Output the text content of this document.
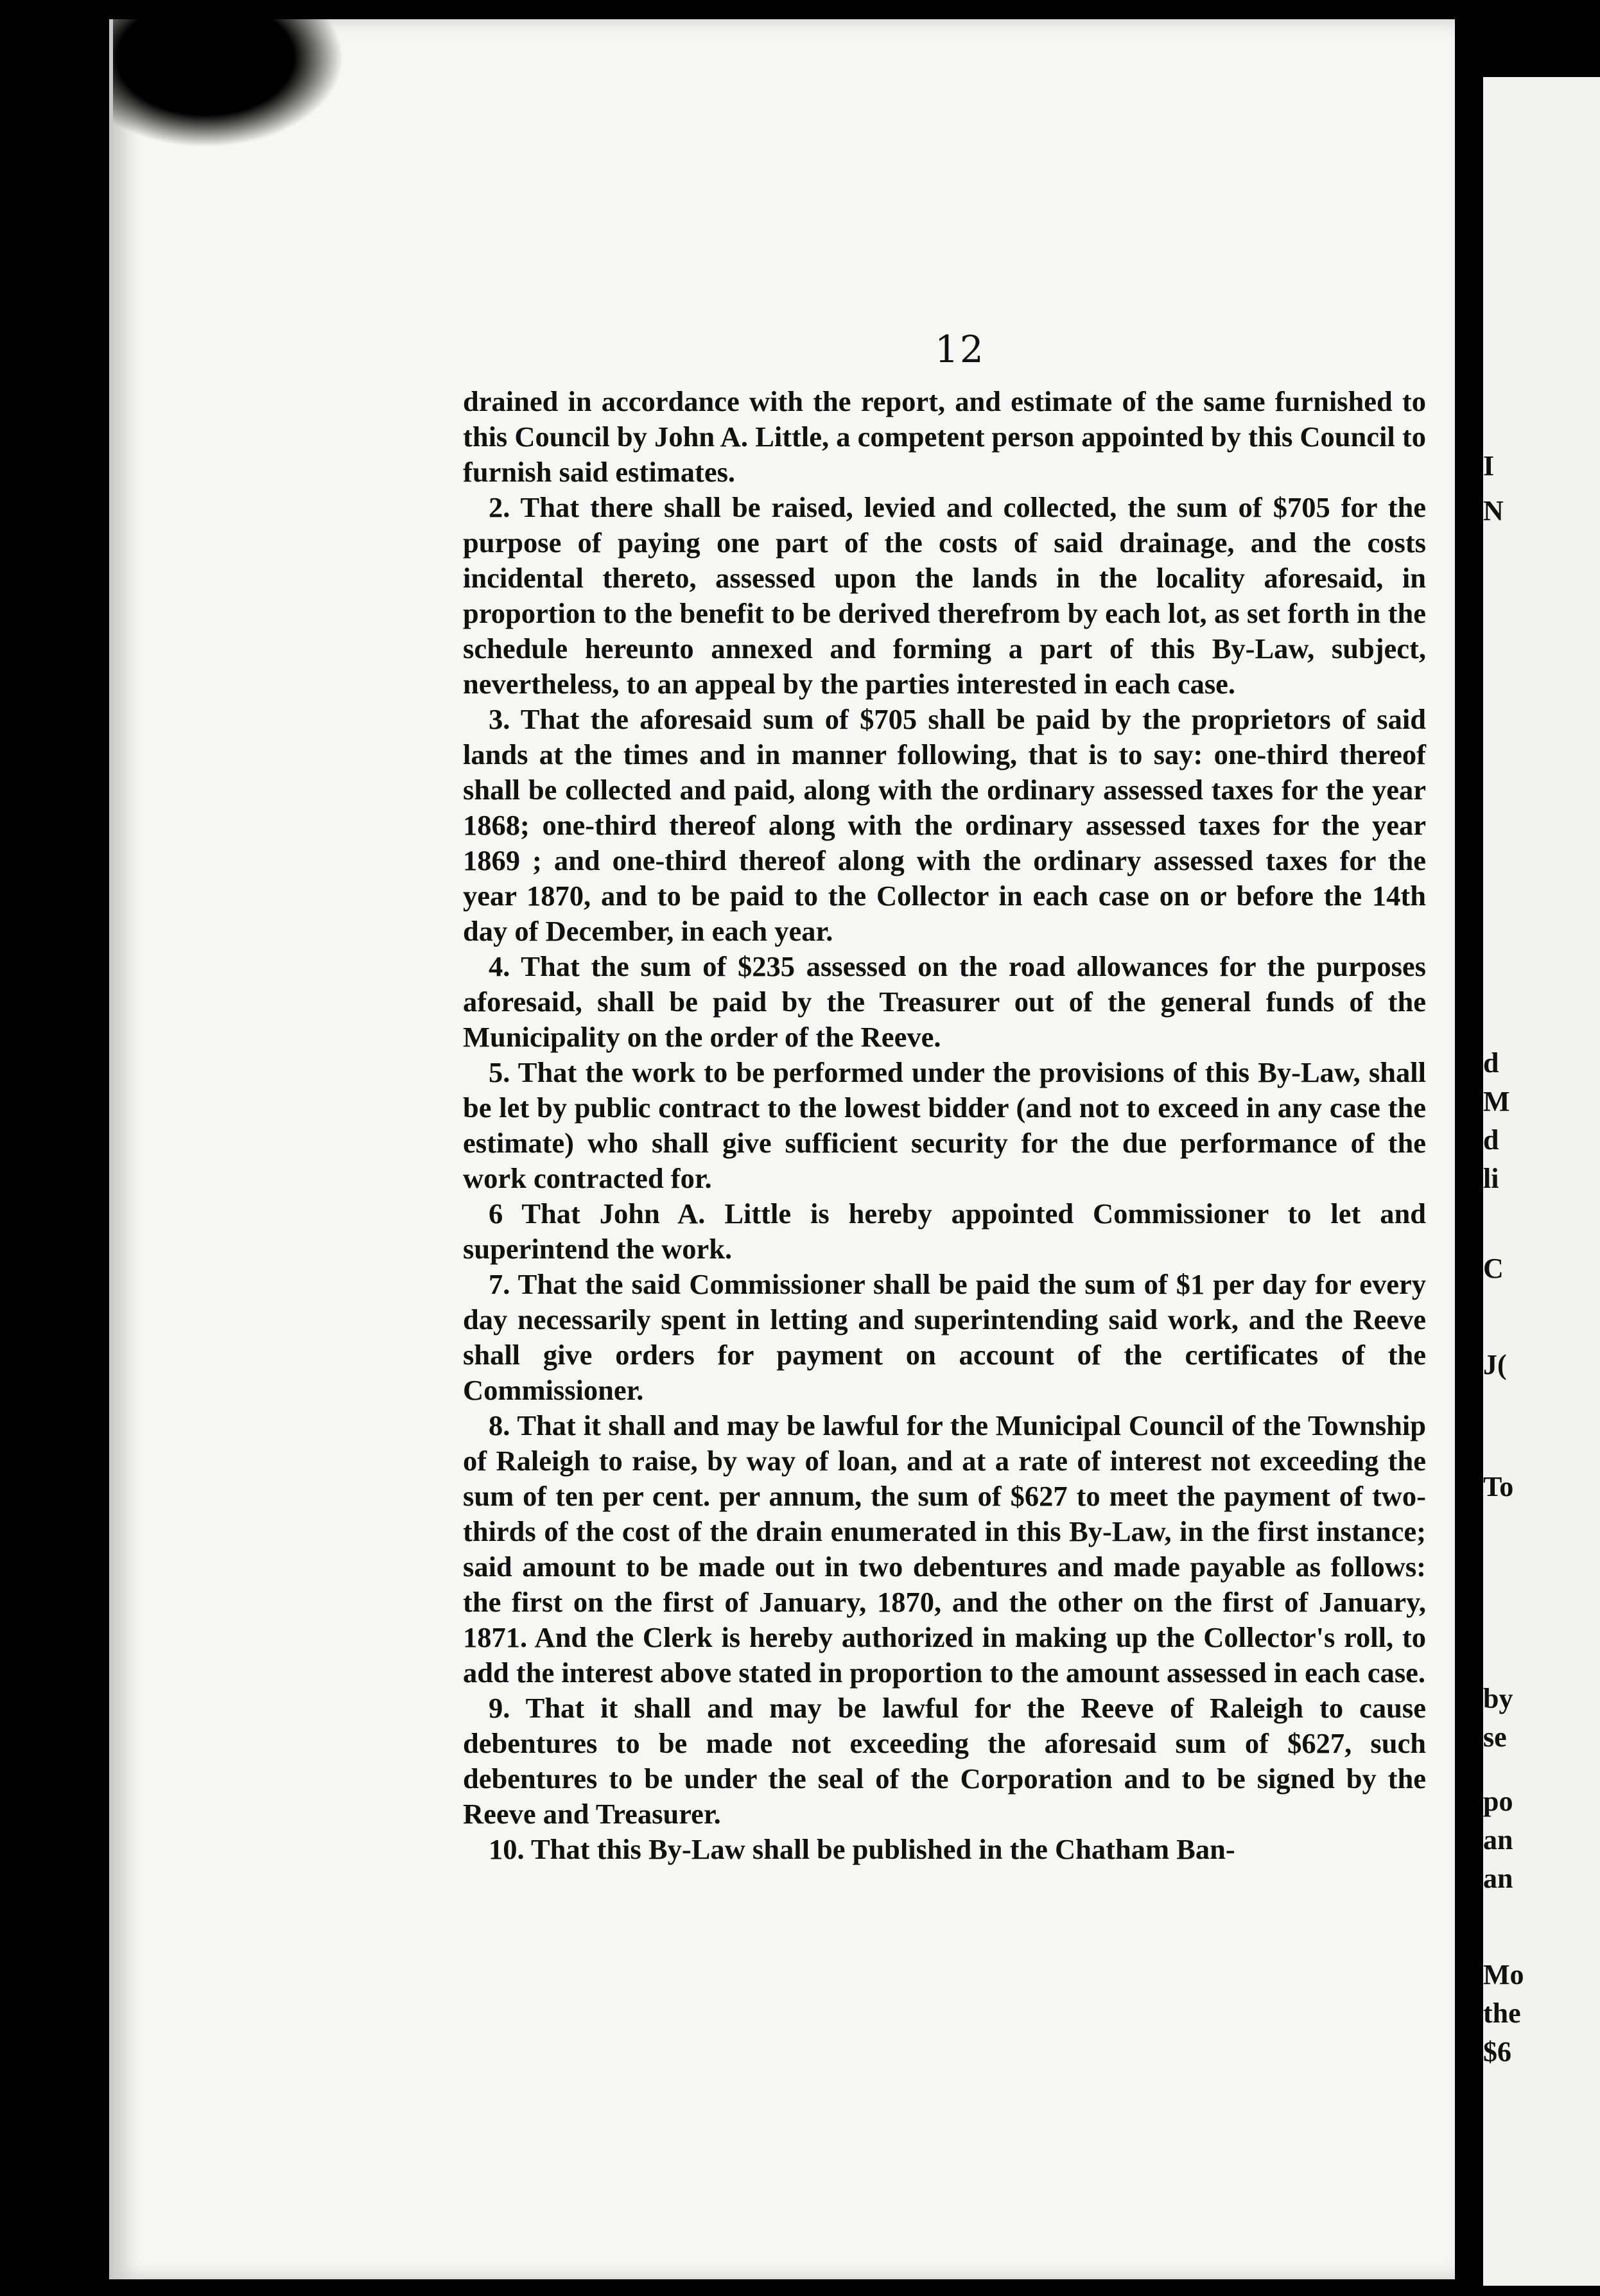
12

drained in accordance with the report, and estimate of the same furnished to this Council by John A. Little, a competent person appointed by this Council to furnish said estimates.

2. That there shall be raised, levied and collected, the sum of $705 for the purpose of paying one part of the costs of said drainage, and the costs incidental thereto, assessed upon the lands in the locality aforesaid, in proportion to the benefit to be derived therefrom by each lot, as set forth in the schedule hereunto annexed and forming a part of this By-Law, subject, nevertheless, to an appeal by the parties interested in each case.

3. That the aforesaid sum of $705 shall be paid by the proprietors of said lands at the times and in manner following, that is to say: one-third thereof shall be collected and paid, along with the ordinary assessed taxes for the year 1868; one-third thereof along with the ordinary assessed taxes for the year 1869 ; and one-third thereof along with the ordinary assessed taxes for the year 1870, and to be paid to the Collector in each case on or before the 14th day of December, in each year.

4. That the sum of $235 assessed on the road allowances for the purposes aforesaid, shall be paid by the Treasurer out of the general funds of the Municipality on the order of the Reeve.

5. That the work to be performed under the provisions of this By-Law, shall be let by public contract to the lowest bidder (and not to exceed in any case the estimate) who shall give sufficient security for the due performance of the work contracted for.

6 That John A. Little is hereby appointed Commissioner to let and superintend the work.

7. That the said Commissioner shall be paid the sum of $1 per day for every day necessarily spent in letting and superintending said work, and the Reeve shall give orders for payment on account of the certificates of the Commissioner.

8. That it shall and may be lawful for the Municipal Council of the Township of Raleigh to raise, by way of loan, and at a rate of interest not exceeding the sum of ten per cent. per annum, the sum of $627 to meet the payment of two-thirds of the cost of the drain enumerated in this By-Law, in the first instance; said amount to be made out in two debentures and made payable as follows: the first on the first of January, 1870, and the other on the first of January, 1871. And the Clerk is hereby authorized in making up the Collector's roll, to add the interest above stated in proportion to the amount assessed in each case.

9. That it shall and may be lawful for the Reeve of Raleigh to cause debentures to be made not exceeding the aforesaid sum of $627, such debentures to be under the seal of the Corporation and to be signed by the Reeve and Treasurer.

10. That this By-Law shall be published in the Chatham Ban-

I
N
d
M
d
li
C
J(
To
by
se
po
an
an
Mo
the
$6
